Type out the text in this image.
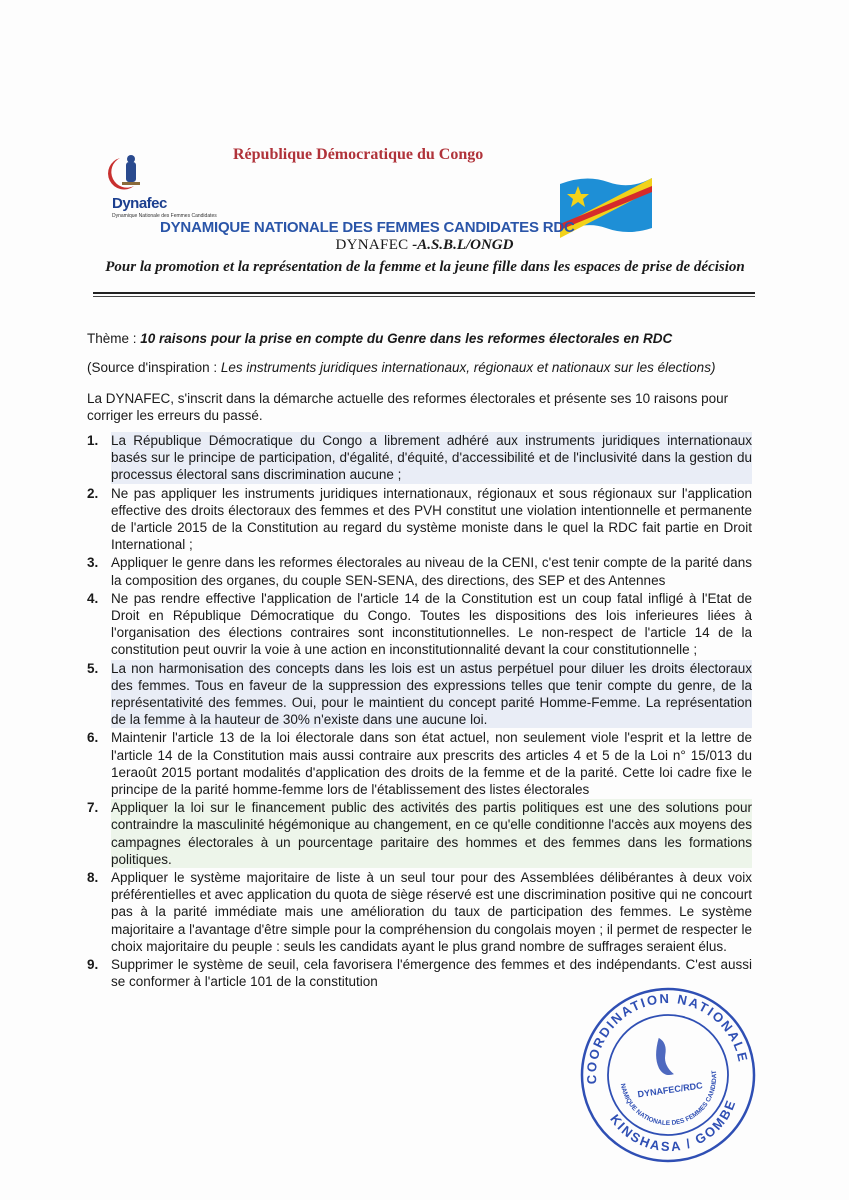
Dynafec
Dynamique Nationale des Femmes Candidates
République Démocratique du Congo
DYNAMIQUE NATIONALE DES FEMMES CANDIDATES RDC
DYNAFEC -A.S.B.L/ONGD
Pour la promotion et la représentation de la femme et la jeune fille dans les espaces de prise de décision
Thème : 10 raisons pour la prise en compte du Genre dans les reformes électorales en RDC
(Source d'inspiration : Les instruments juridiques internationaux, régionaux et nationaux sur les élections)
La DYNAFEC, s'inscrit dans la démarche actuelle des reformes électorales et présente ses 10 raisons pour corriger les erreurs du passé.
1. La République Démocratique du Congo a librement adhéré aux instruments juridiques internationaux basés sur le principe de participation, d'égalité, d'équité, d'accessibilité et de l'inclusivité dans la gestion du processus électoral sans discrimination aucune ;
2. Ne pas appliquer les instruments juridiques internationaux, régionaux et sous régionaux sur l'application effective des droits électoraux des femmes et des PVH constitut une violation intentionnelle et permanente de l'article 2015 de la Constitution au regard du système moniste dans le quel la RDC fait partie en Droit International ;
3. Appliquer le genre dans les reformes électorales au niveau de la CENI, c'est tenir compte de la parité dans la composition des organes, du couple SEN-SENA, des directions, des SEP et des Antennes
4. Ne pas rendre effective l'application de l'article 14 de la Constitution est un coup fatal infligé à l'Etat de Droit en République Démocratique du Congo. Toutes les dispositions des lois inferieures liées à l'organisation des élections contraires sont inconstitutionnelles. Le non-respect de l'article 14 de la constitution peut ouvrir la voie à une action en inconstitutionnalité devant la cour constitutionnelle ;
5. La non harmonisation des concepts dans les lois est un astus perpétuel pour diluer les droits électoraux des femmes. Tous en faveur de la suppression des expressions telles que tenir compte du genre, de la représentativité des femmes. Oui, pour le maintient du concept parité Homme-Femme. La représentation de la femme à la hauteur de 30% n'existe dans une aucune loi.
6. Maintenir l'article 13 de la loi électorale dans son état actuel, non seulement viole l'esprit et la lettre de l'article 14 de la Constitution mais aussi contraire aux prescrits des articles 4 et 5 de la Loi n° 15/013 du 1eraoût 2015 portant modalités d'application des droits de la femme et de la parité. Cette loi cadre fixe le principe de la parité homme-femme lors de l'établissement des listes électorales
7. Appliquer la loi sur le financement public des activités des partis politiques est une des solutions pour contraindre la masculinité hégémonique au changement, en ce qu'elle conditionne l'accès aux moyens des campagnes électorales à un pourcentage paritaire des hommes et des femmes dans les formations politiques.
8. Appliquer le système majoritaire de liste à un seul tour pour des Assemblées délibérantes à deux voix préférentielles et avec application du quota de siège réservé est une discrimination positive qui ne concourt pas à la parité immédiate mais une amélioration du taux de participation des femmes. Le système majoritaire a l'avantage d'être simple pour la compréhension du congolais moyen ; il permet de respecter le choix majoritaire du peuple : seuls les candidats ayant le plus grand nombre de suffrages seraient élus.
9. Supprimer le système de seuil, cela favorisera l'émergence des femmes et des indépendants. C'est aussi se conformer à l'article 101 de la constitution
COORDINATION NATIONALE
KINSHASA / GOMBE
DYNAMIQUE NATIONALE DES FEMMES CANDIDATES
DYNAFEC/RDC
